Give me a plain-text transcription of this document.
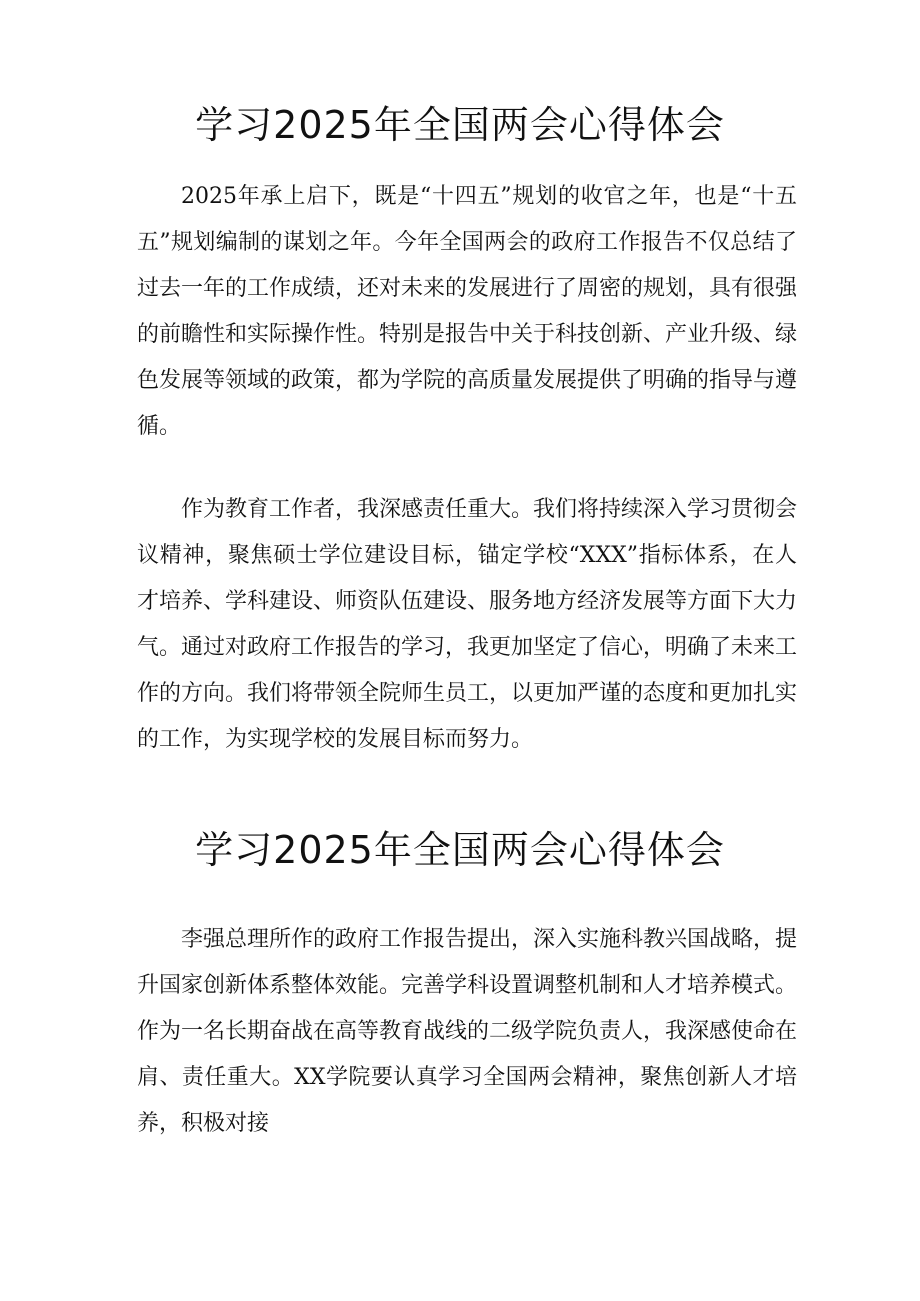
学习2025年全国两会心得体会

2025年承上启下，既是“十四五”规划的收官之年，也是“十五五”规划编制的谋划之年。今年全国两会的政府工作报告不仅总结了过去一年的工作成绩，还对未来的发展进行了周密的规划，具有很强的前瞻性和实际操作性。特别是报告中关于科技创新、产业升级、绿色发展等领域的政策，都为学院的高质量发展提供了明确的指导与遵循。

作为教育工作者，我深感责任重大。我们将持续深入学习贯彻会议精神，聚焦硕士学位建设目标，锚定学校“XXX”指标体系，在人才培养、学科建设、师资队伍建设、服务地方经济发展等方面下大力气。通过对政府工作报告的学习，我更加坚定了信心，明确了未来工作的方向。我们将带领全院师生员工，以更加严谨的态度和更加扎实的工作，为实现学校的发展目标而努力。

学习2025年全国两会心得体会

李强总理所作的政府工作报告提出，深入实施科教兴国战略，提升国家创新体系整体效能。完善学科设置调整机制和人才培养模式。作为一名长期奋战在高等教育战线的二级学院负责人，我深感使命在肩、责任重大。XX学院要认真学习全国两会精神，聚焦创新人才培养，积极对接
